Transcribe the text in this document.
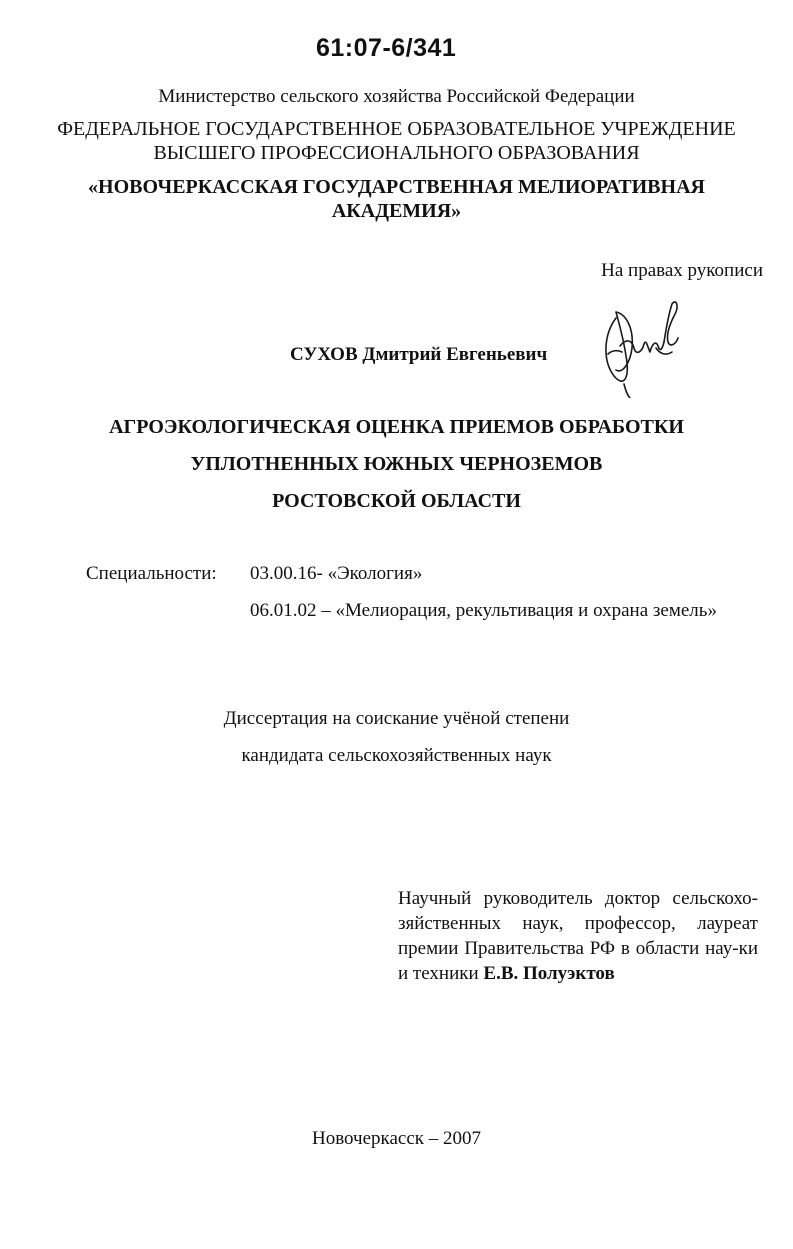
61:07-6/341
Министерство сельского хозяйства Российской Федерации
ФЕДЕРАЛЬНОЕ ГОСУДАРСТВЕННОЕ ОБРАЗОВАТЕЛЬНОЕ УЧРЕЖДЕНИЕ
ВЫСШЕГО ПРОФЕССИОНАЛЬНОГО ОБРАЗОВАНИЯ
«НОВОЧЕРКАССКАЯ ГОСУДАРСТВЕННАЯ МЕЛИОРАТИВНАЯ
АКАДЕМИЯ»
На правах рукописи
СУХОВ Дмитрий Евгеньевич
АГРОЭКОЛОГИЧЕСКАЯ ОЦЕНКА ПРИЕМОВ ОБРАБОТКИ
УПЛОТНЕННЫХ ЮЖНЫХ ЧЕРНОЗЕМОВ
РОСТОВСКОЙ ОБЛАСТИ
Специальности: 03.00.16- «Экология»
06.01.02 – «Мелиорация, рекультивация и охрана земель»
Диссертация на соискание учёной степени
кандидата сельскохозяйственных наук
Научный руководитель доктор сельскохо-зяйственных наук, профессор, лауреат премии Правительства РФ в области нау-ки и техники Е.В. Полуэктов
Новочеркасск – 2007
